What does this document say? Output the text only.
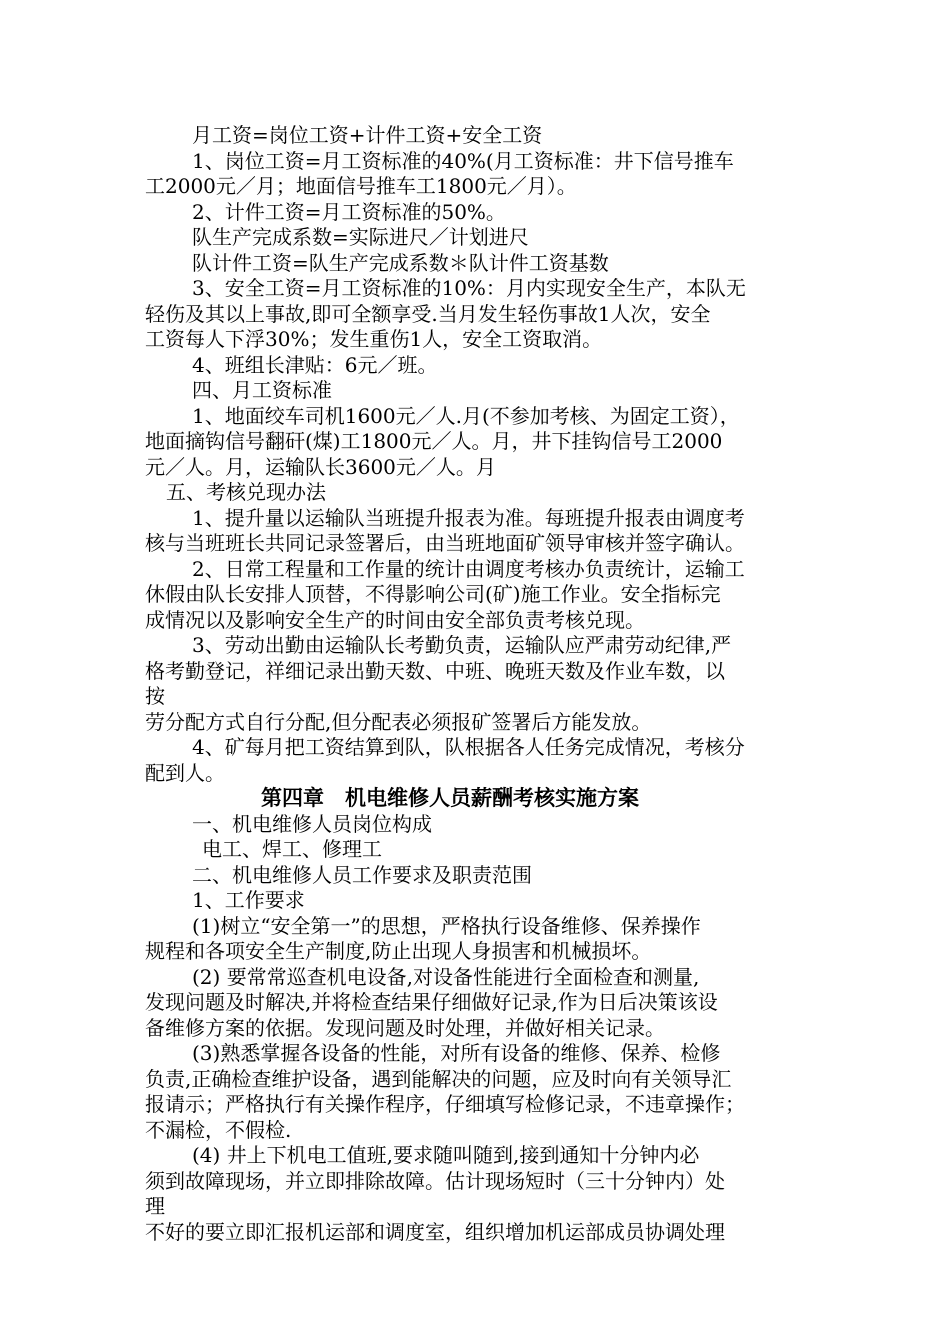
月工资=岗位工资+计件工资+安全工资
1、岗位工资=月工资标准的40%(月工资标准：井下信号推车
工2000元／月；地面信号推车工1800元／月）。
2、计件工资=月工资标准的50%。
队生产完成系数=实际进尺／计划进尺
队计件工资=队生产完成系数＊队计件工资基数
3、安全工资=月工资标准的10%：月内实现安全生产，本队无
轻伤及其以上事故,即可全额享受.当月发生轻伤事故1人次，安全
工资每人下浮30%；发生重伤1人，安全工资取消。
4、班组长津贴：6元／班。
四、月工资标准
1、地面绞车司机1600元／人.月(不参加考核、为固定工资），
地面摘钩信号翻矸(煤)工1800元／人。月，井下挂钩信号工2000
元／人。月，运输队长3600元／人。月
五、考核兑现办法
1、提升量以运输队当班提升报表为准。每班提升报表由调度考
核与当班班长共同记录签署后，由当班地面矿领导审核并签字确认。
2、日常工程量和工作量的统计由调度考核办负责统计，运输工
休假由队长安排人顶替，不得影响公司(矿)施工作业。安全指标完
成情况以及影响安全生产的时间由安全部负责考核兑现。
3、劳动出勤由运输队长考勤负责，运输队应严肃劳动纪律,严
格考勤登记，祥细记录出勤天数、中班、晚班天数及作业车数，以
按
劳分配方式自行分配,但分配表必须报矿签署后方能发放。
4、矿每月把工资结算到队，队根据各人任务完成情况，考核分
配到人。
第四章　机电维修人员薪酬考核实施方案
一、机电维修人员岗位构成
电工、焊工、修理工
二、机电维修人员工作要求及职责范围
1、工作要求
(1)树立“安全第一”的思想，严格执行设备维修、保养操作
规程和各项安全生产制度,防止出现人身损害和机械损坏。
(2) 要常常巡查机电设备,对设备性能进行全面检查和测量,
发现问题及时解决,并将检查结果仔细做好记录,作为日后决策该设
备维修方案的依据。发现问题及时处理，并做好相关记录。
(3)熟悉掌握各设备的性能，对所有设备的维修、保养、检修
负责,正确检查维护设备，遇到能解决的问题，应及时向有关领导汇
报请示；严格执行有关操作程序，仔细填写检修记录，不违章操作；
不漏检，不假检.
(4) 井上下机电工值班,要求随叫随到,接到通知十分钟内必
须到故障现场，并立即排除故障。估计现场短时（三十分钟内）处
理
不好的要立即汇报机运部和调度室，组织增加机运部成员协调处理
